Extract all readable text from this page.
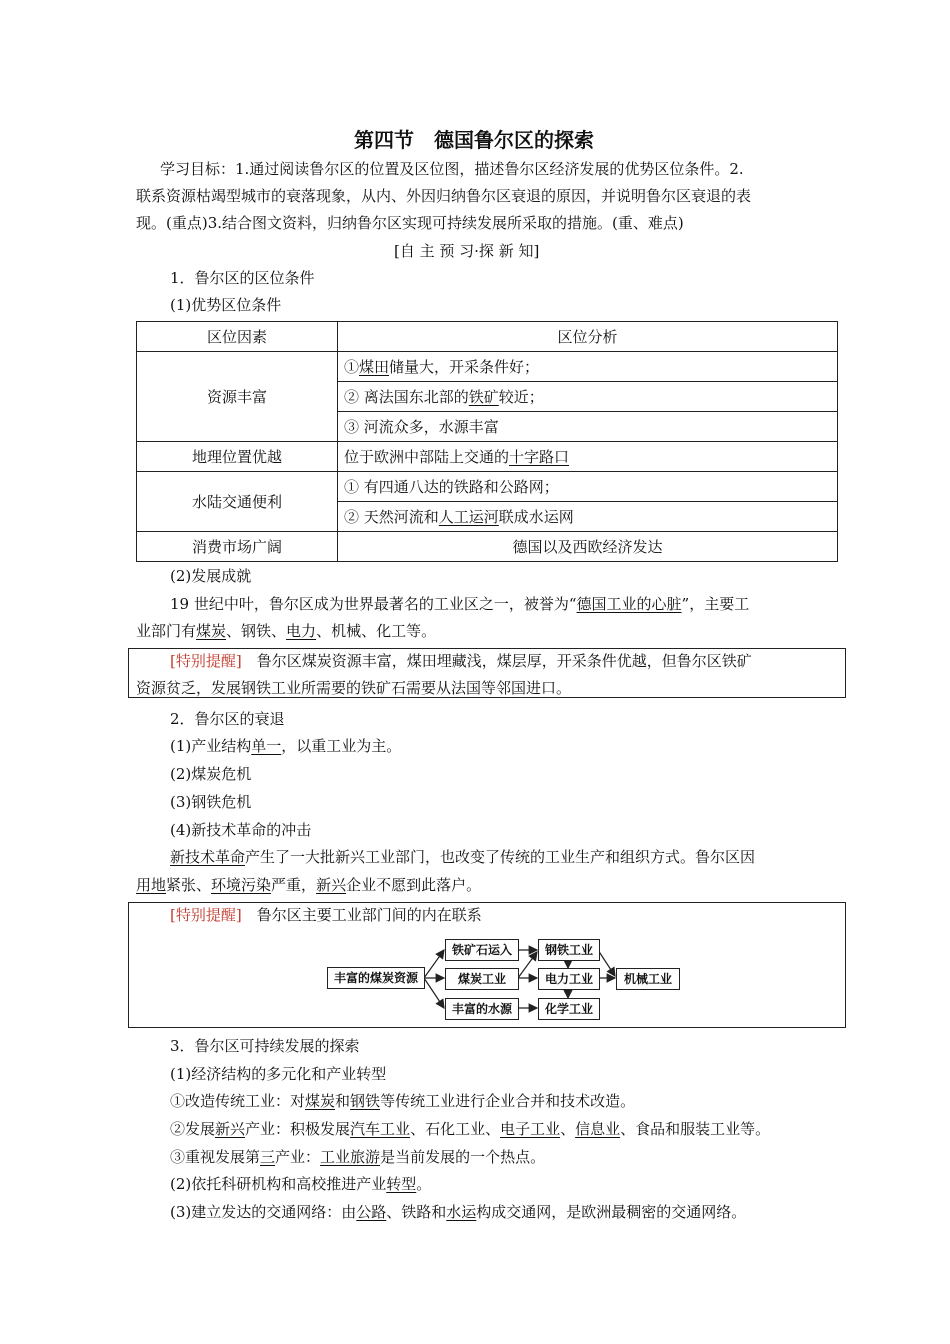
第四节　德国鲁尔区的探索
学习目标：1.通过阅读鲁尔区的位置及区位图，描述鲁尔区经济发展的优势区位条件。2.
联系资源枯竭型城市的衰落现象，从内、外因归纳鲁尔区衰退的原因，并说明鲁尔区衰退的表
现。(重点)3.结合图文资料，归纳鲁尔区实现可持续发展所采取的措施。(重、难点)
[自 主 预 习·探 新 知]
1．鲁尔区的区位条件
(1)优势区位条件
区位因素	区位分析
资源丰富	①煤田储量大，开采条件好；
	② 离法国东北部的铁矿较近；
	③ 河流众多，水源丰富
地理位置优越	位于欧洲中部陆上交通的十字路口
水陆交通便利	① 有四通八达的铁路和公路网；
	② 天然河流和人工运河联成水运网
消费市场广阔	德国以及西欧经济发达
(2)发展成就
19 世纪中叶，鲁尔区成为世界最著名的工业区之一，被誉为“德国工业的心脏”，主要工
业部门有煤炭、钢铁、电力、机械、化工等。
[特别提醒]　鲁尔区煤炭资源丰富，煤田埋藏浅，煤层厚，开采条件优越，但鲁尔区铁矿
资源贫乏，发展钢铁工业所需要的铁矿石需要从法国等邻国进口。
2．鲁尔区的衰退
(1)产业结构单一，以重工业为主。
(2)煤炭危机
(3)钢铁危机
(4)新技术革命的冲击
新技术革命产生了一大批新兴工业部门，也改变了传统的工业生产和组织方式。鲁尔区因
用地紧张、环境污染严重，新兴企业不愿到此落户。
[特别提醒]　鲁尔区主要工业部门间的内在联系
丰富的煤炭资源
铁矿石运入
煤炭工业
丰富的水源
钢铁工业
电力工业
化学工业
机械工业
3．鲁尔区可持续发展的探索
(1)经济结构的多元化和产业转型
①改造传统工业：对煤炭和钢铁等传统工业进行企业合并和技术改造。
②发展新兴产业：积极发展汽车工业、石化工业、电子工业、信息业、食品和服装工业等。
③重视发展第三产业：工业旅游是当前发展的一个热点。
(2)依托科研机构和高校推进产业转型。
(3)建立发达的交通网络：由公路、铁路和水运构成交通网，是欧洲最稠密的交通网络。
